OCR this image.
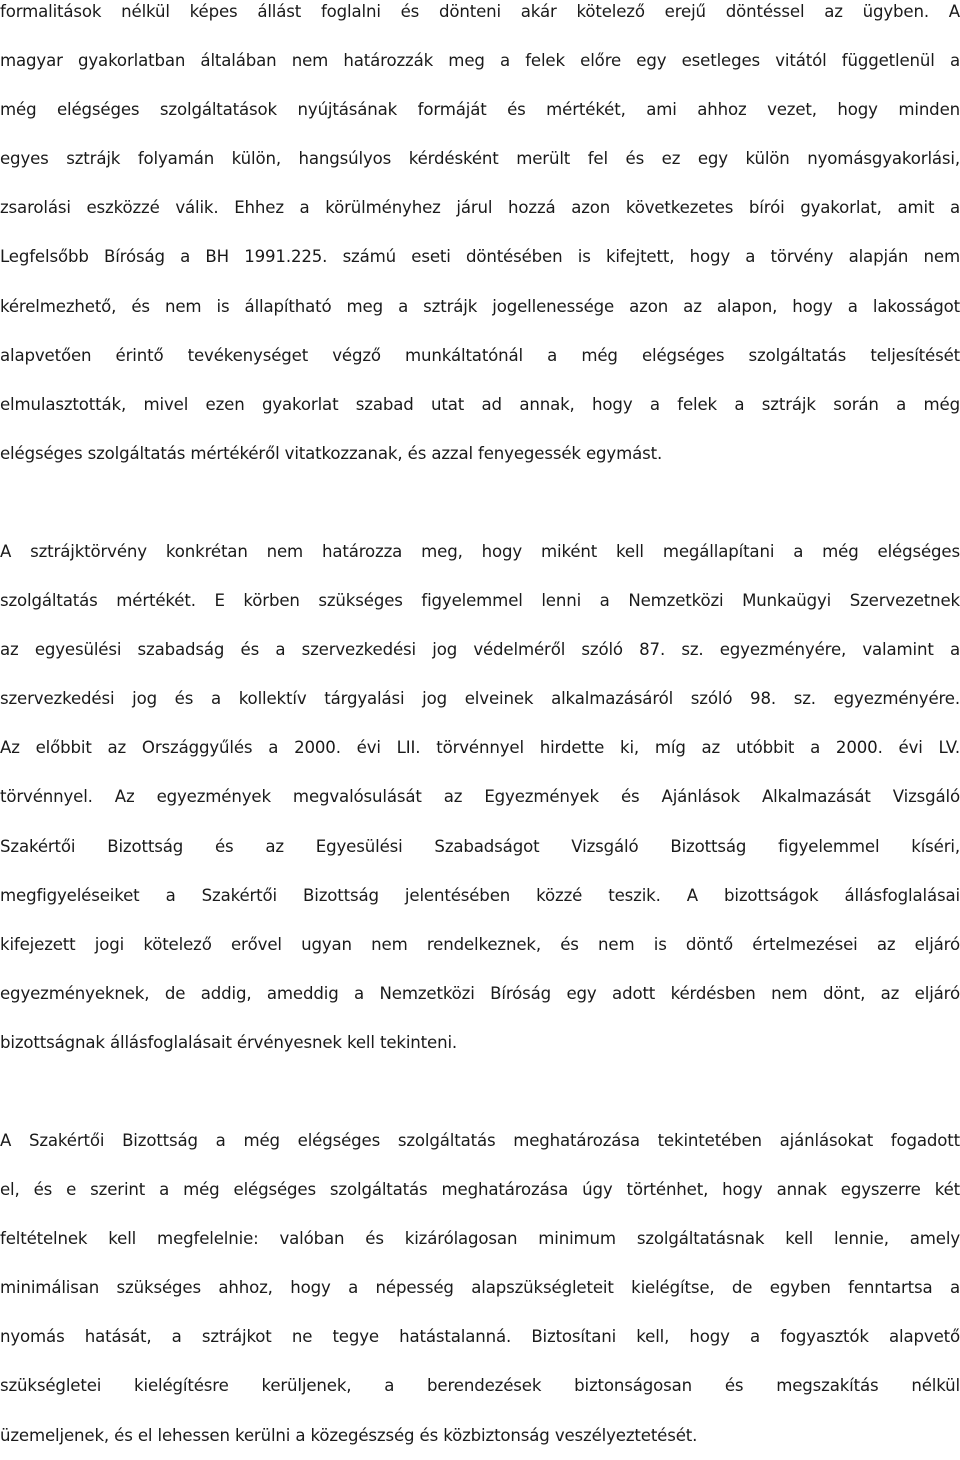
formalitások nélkül képes állást foglalni és dönteni akár kötelező erejű döntéssel az ügyben. A
magyar gyakorlatban általában nem határozzák meg a felek előre egy esetleges vitától függetlenül a
még elégséges szolgáltatások nyújtásának formáját és mértékét, ami ahhoz vezet, hogy minden
egyes sztrájk folyamán külön, hangsúlyos kérdésként merült fel és ez egy külön nyomásgyakorlási,
zsarolási eszközzé válik. Ehhez a körülményhez járul hozzá azon következetes bírói gyakorlat, amit a
Legfelsőbb Bíróság a BH 1991.225. számú eseti döntésében is kifejtett, hogy a törvény alapján nem
kérelmezhető, és nem is állapítható meg a sztrájk jogellenessége azon az alapon, hogy a lakosságot
alapvetően érintő tevékenységet végző munkáltatónál a még elégséges szolgáltatás teljesítését
elmulasztották, mivel ezen gyakorlat szabad utat ad annak, hogy a felek a sztrájk során a még
elégséges szolgáltatás mértékéről vitatkozzanak, és azzal fenyegessék egymást.
A sztrájktörvény konkrétan nem határozza meg, hogy miként kell megállapítani a még elégséges
szolgáltatás mértékét. E körben szükséges figyelemmel lenni a Nemzetközi Munkaügyi Szervezetnek
az egyesülési szabadság és a szervezkedési jog védelméről szóló 87. sz. egyezményére, valamint a
szervezkedési jog és a kollektív tárgyalási jog elveinek alkalmazásáról szóló 98. sz. egyezményére.
Az előbbit az Országgyűlés a 2000. évi LII. törvénnyel hirdette ki, míg az utóbbit a 2000. évi LV.
törvénnyel. Az egyezmények megvalósulását az Egyezmények és Ajánlások Alkalmazását Vizsgáló
Szakértői Bizottság és az Egyesülési Szabadságot Vizsgáló Bizottság figyelemmel kíséri,
megfigyeléseiket a Szakértői Bizottság jelentésében közzé teszik. A bizottságok állásfoglalásai
kifejezett jogi kötelező erővel ugyan nem rendelkeznek, és nem is döntő értelmezései az eljáró
egyezményeknek, de addig, ameddig a Nemzetközi Bíróság egy adott kérdésben nem dönt, az eljáró
bizottságnak állásfoglalásait érvényesnek kell tekinteni.
A Szakértői Bizottság a még elégséges szolgáltatás meghatározása tekintetében ajánlásokat fogadott
el, és e szerint a még elégséges szolgáltatás meghatározása úgy történhet, hogy annak egyszerre két
feltételnek kell megfelelnie: valóban és kizárólagosan minimum szolgáltatásnak kell lennie, amely
minimálisan szükséges ahhoz, hogy a népesség alapszükségleteit kielégítse, de egyben fenntartsa a
nyomás hatását, a sztrájkot ne tegye hatástalanná. Biztosítani kell, hogy a fogyasztók alapvető
szükségletei kielégítésre kerüljenek, a berendezések biztonságosan és megszakítás nélkül
üzemeljenek, és el lehessen kerülni a közegészség és közbiztonság veszélyeztetését.
